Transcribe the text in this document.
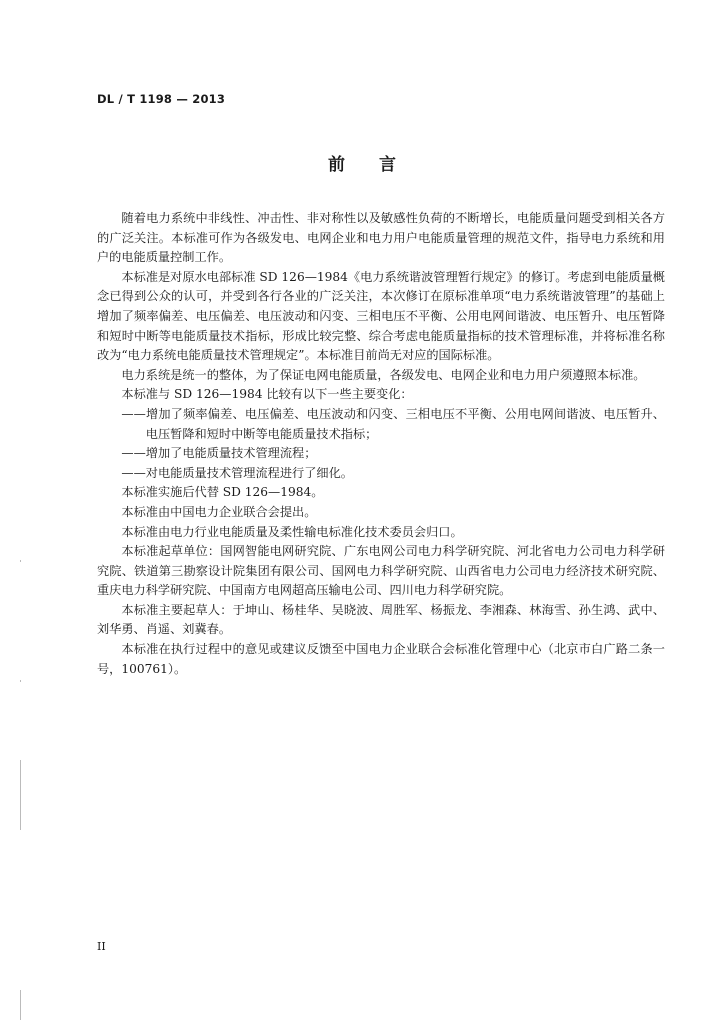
DL / T 1198 — 2013
前言

随着电力系统中非线性、冲击性、非对称性以及敏感性负荷的不断增长，电能质量问题受到相关各方的广泛关注。本标准可作为各级发电、电网企业和电力用户电能质量管理的规范文件，指导电力系统和用户的电能质量控制工作。

本标准是对原水电部标准 SD 126—1984《电力系统谐波管理暂行规定》的修订。考虑到电能质量概念已得到公众的认可，并受到各行各业的广泛关注，本次修订在原标准单项“电力系统谐波管理”的基础上增加了频率偏差、电压偏差、电压波动和闪变、三相电压不平衡、公用电网间谐波、电压暂升、电压暂降和短时中断等电能质量技术指标，形成比较完整、综合考虑电能质量指标的技术管理标准，并将标准名称改为“电力系统电能质量技术管理规定”。本标准目前尚无对应的国际标准。

电力系统是统一的整体，为了保证电网电能质量，各级发电、电网企业和电力用户须遵照本标准。

本标准与 SD 126—1984 比较有以下一些主要变化：

——增加了频率偏差、电压偏差、电压波动和闪变、三相电压不平衡、公用电网间谐波、电压暂升、电压暂降和短时中断等电能质量技术指标；

——增加了电能质量技术管理流程；

——对电能质量技术管理流程进行了细化。

本标准实施后代替 SD 126—1984。

本标准由中国电力企业联合会提出。

本标准由电力行业电能质量及柔性输电标准化技术委员会归口。

本标准起草单位：国网智能电网研究院、广东电网公司电力科学研究院、河北省电力公司电力科学研究院、铁道第三勘察设计院集团有限公司、国网电力科学研究院、山西省电力公司电力经济技术研究院、重庆电力科学研究院、中国南方电网超高压输电公司、四川电力科学研究院。

本标准主要起草人：于坤山、杨桂华、吴晓波、周胜军、杨振龙、李湘森、林海雪、孙生鸿、武中、刘华勇、肖遥、刘冀春。

本标准在执行过程中的意见或建议反馈至中国电力企业联合会标准化管理中心（北京市白广路二条一号，100761）。

II
